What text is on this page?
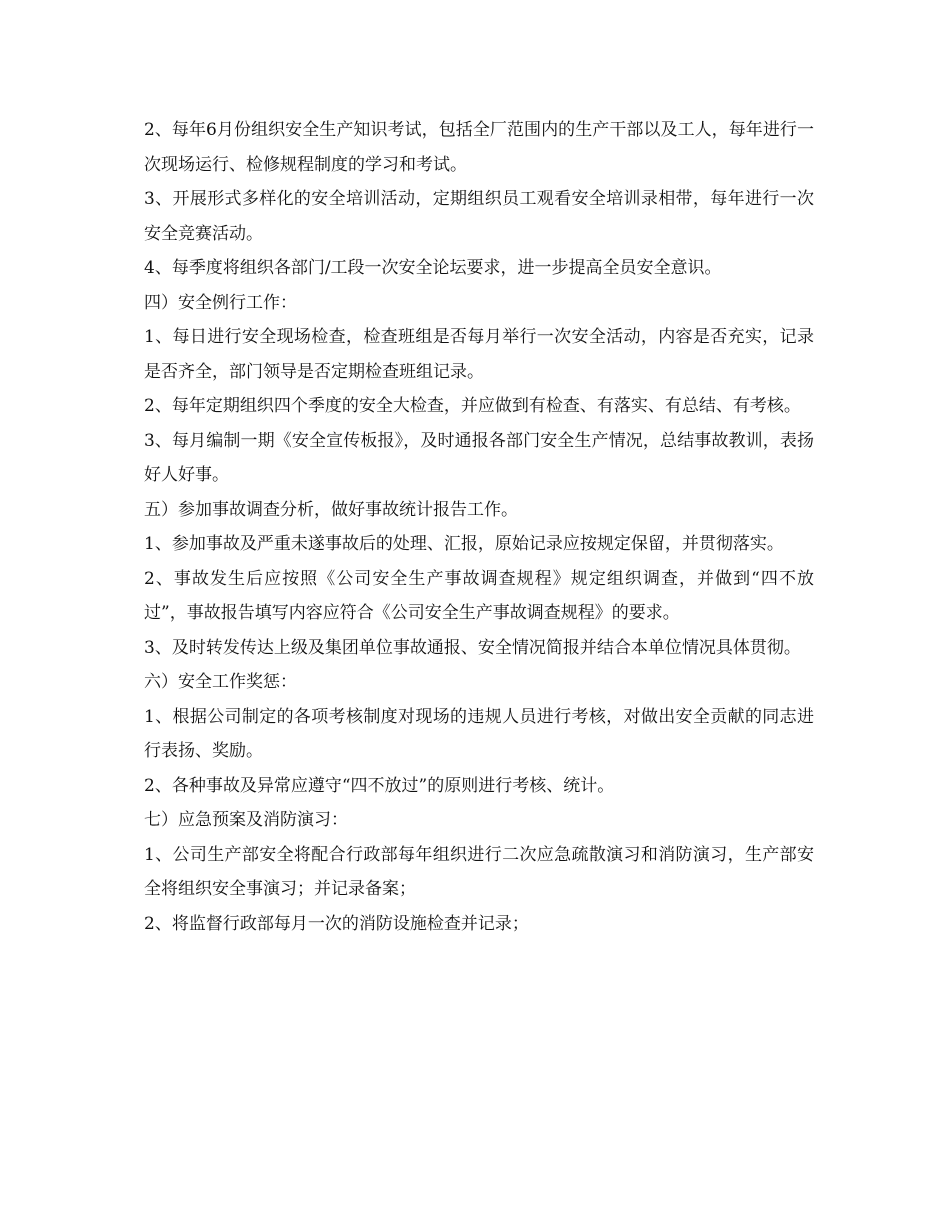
2、每年6月份组织安全生产知识考试，包括全厂范围内的生产干部以及工人，每年进行一次现场运行、检修规程制度的学习和考试。

3、开展形式多样化的安全培训活动，定期组织员工观看安全培训录相带，每年进行一次安全竞赛活动。

4、每季度将组织各部门/工段一次安全论坛要求，进一步提高全员安全意识。

四）安全例行工作：

1、每日进行安全现场检查，检查班组是否每月举行一次安全活动，内容是否充实，记录是否齐全，部门领导是否定期检查班组记录。

2、每年定期组织四个季度的安全大检查，并应做到有检查、有落实、有总结、有考核。

3、每月编制一期《安全宣传板报》，及时通报各部门安全生产情况，总结事故教训，表扬好人好事。

五）参加事故调查分析，做好事故统计报告工作。

1、参加事故及严重未遂事故后的处理、汇报，原始记录应按规定保留，并贯彻落实。

2、事故发生后应按照《公司安全生产事故调查规程》规定组织调查，并做到“四不放过”，事故报告填写内容应符合《公司安全生产事故调查规程》的要求。

3、及时转发传达上级及集团单位事故通报、安全情况简报并结合本单位情况具体贯彻。

六）安全工作奖惩：

1、根据公司制定的各项考核制度对现场的违规人员进行考核，对做出安全贡献的同志进行表扬、奖励。

2、各种事故及异常应遵守“四不放过”的原则进行考核、统计。

七）应急预案及消防演习：

1、公司生产部安全将配合行政部每年组织进行二次应急疏散演习和消防演习，生产部安全将组织安全事演习；并记录备案；

2、将监督行政部每月一次的消防设施检查并记录；
